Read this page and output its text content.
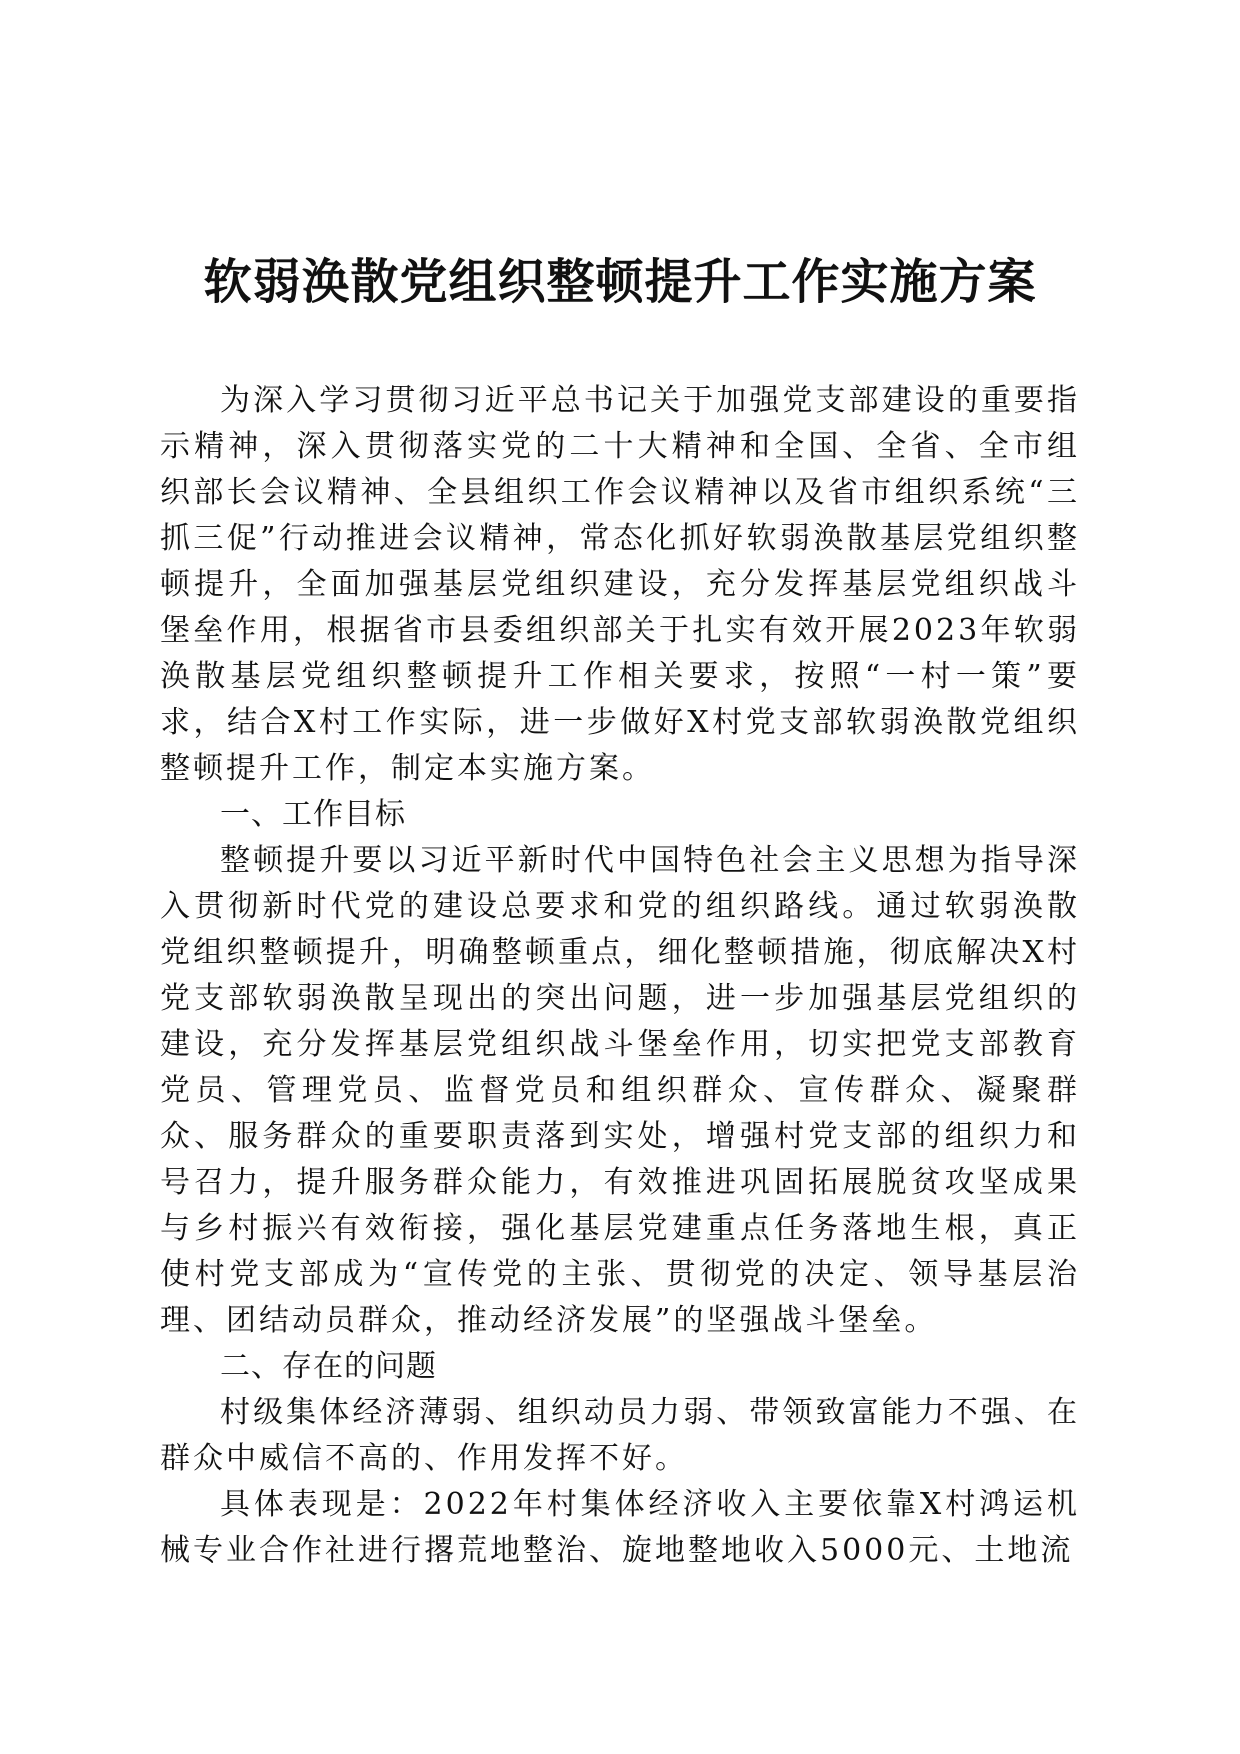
软弱涣散党组织整顿提升工作实施方案

为深入学习贯彻习近平总书记关于加强党支部建设的重要指示精神，深入贯彻落实党的二十大精神和全国、全省、全市组织部长会议精神、全县组织工作会议精神以及省市组织系统“三抓三促”行动推进会议精神，常态化抓好软弱涣散基层党组织整顿提升，全面加强基层党组织建设，充分发挥基层党组织战斗堡垒作用，根据省市县委组织部关于扎实有效开展2023年软弱涣散基层党组织整顿提升工作相关要求，按照“一村一策”要求，结合X村工作实际，进一步做好X村党支部软弱涣散党组织整顿提升工作，制定本实施方案。

一、工作目标

整顿提升要以习近平新时代中国特色社会主义思想为指导深入贯彻新时代党的建设总要求和党的组织路线。通过软弱涣散党组织整顿提升，明确整顿重点，细化整顿措施，彻底解决X村党支部软弱涣散呈现出的突出问题，进一步加强基层党组织的建设，充分发挥基层党组织战斗堡垒作用，切实把党支部教育党员、管理党员、监督党员和组织群众、宣传群众、凝聚群众、服务群众的重要职责落到实处，增强村党支部的组织力和号召力，提升服务群众能力，有效推进巩固拓展脱贫攻坚成果与乡村振兴有效衔接，强化基层党建重点任务落地生根，真正使村党支部成为“宣传党的主张、贯彻党的决定、领导基层治理、团结动员群众，推动经济发展”的坚强战斗堡垒。

二、存在的问题

村级集体经济薄弱、组织动员力弱、带领致富能力不强、在群众中威信不高的、作用发挥不好。

具体表现是：2022年村集体经济收入主要依靠X村鸿运机械专业合作社进行撂荒地整治、旋地整地收入5000元、土地流
